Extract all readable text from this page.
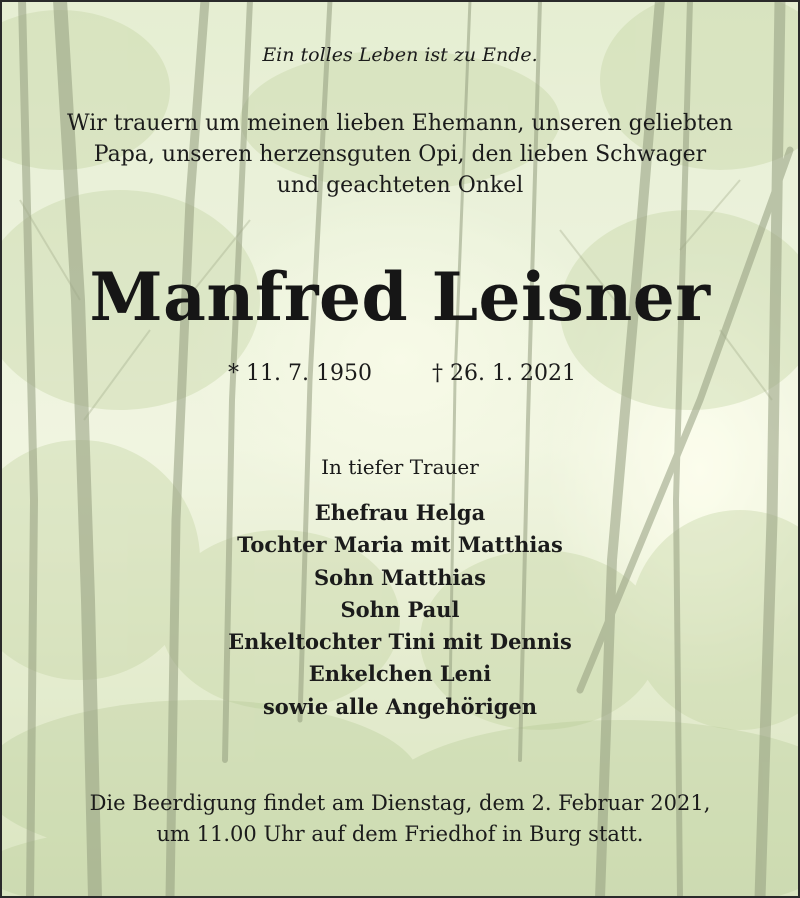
Ein tolles Leben ist zu Ende.

Wir trauern um meinen lieben Ehemann, unseren geliebten
Papa, unseren herzensguten Opi, den lieben Schwager
und geachteten Onkel
Manfred Leisner
* 11. 7. 1950	† 26. 1. 2021

In tiefer Trauer

Ehefrau Helga
Tochter Maria mit Matthias
Sohn Matthias
Sohn Paul
Enkeltochter Tini mit Dennis
Enkelchen Leni
sowie alle Angehörigen
Die Beerdigung findet am Dienstag, dem 2. Februar 2021,
um 11.00 Uhr auf dem Friedhof in Burg statt.
